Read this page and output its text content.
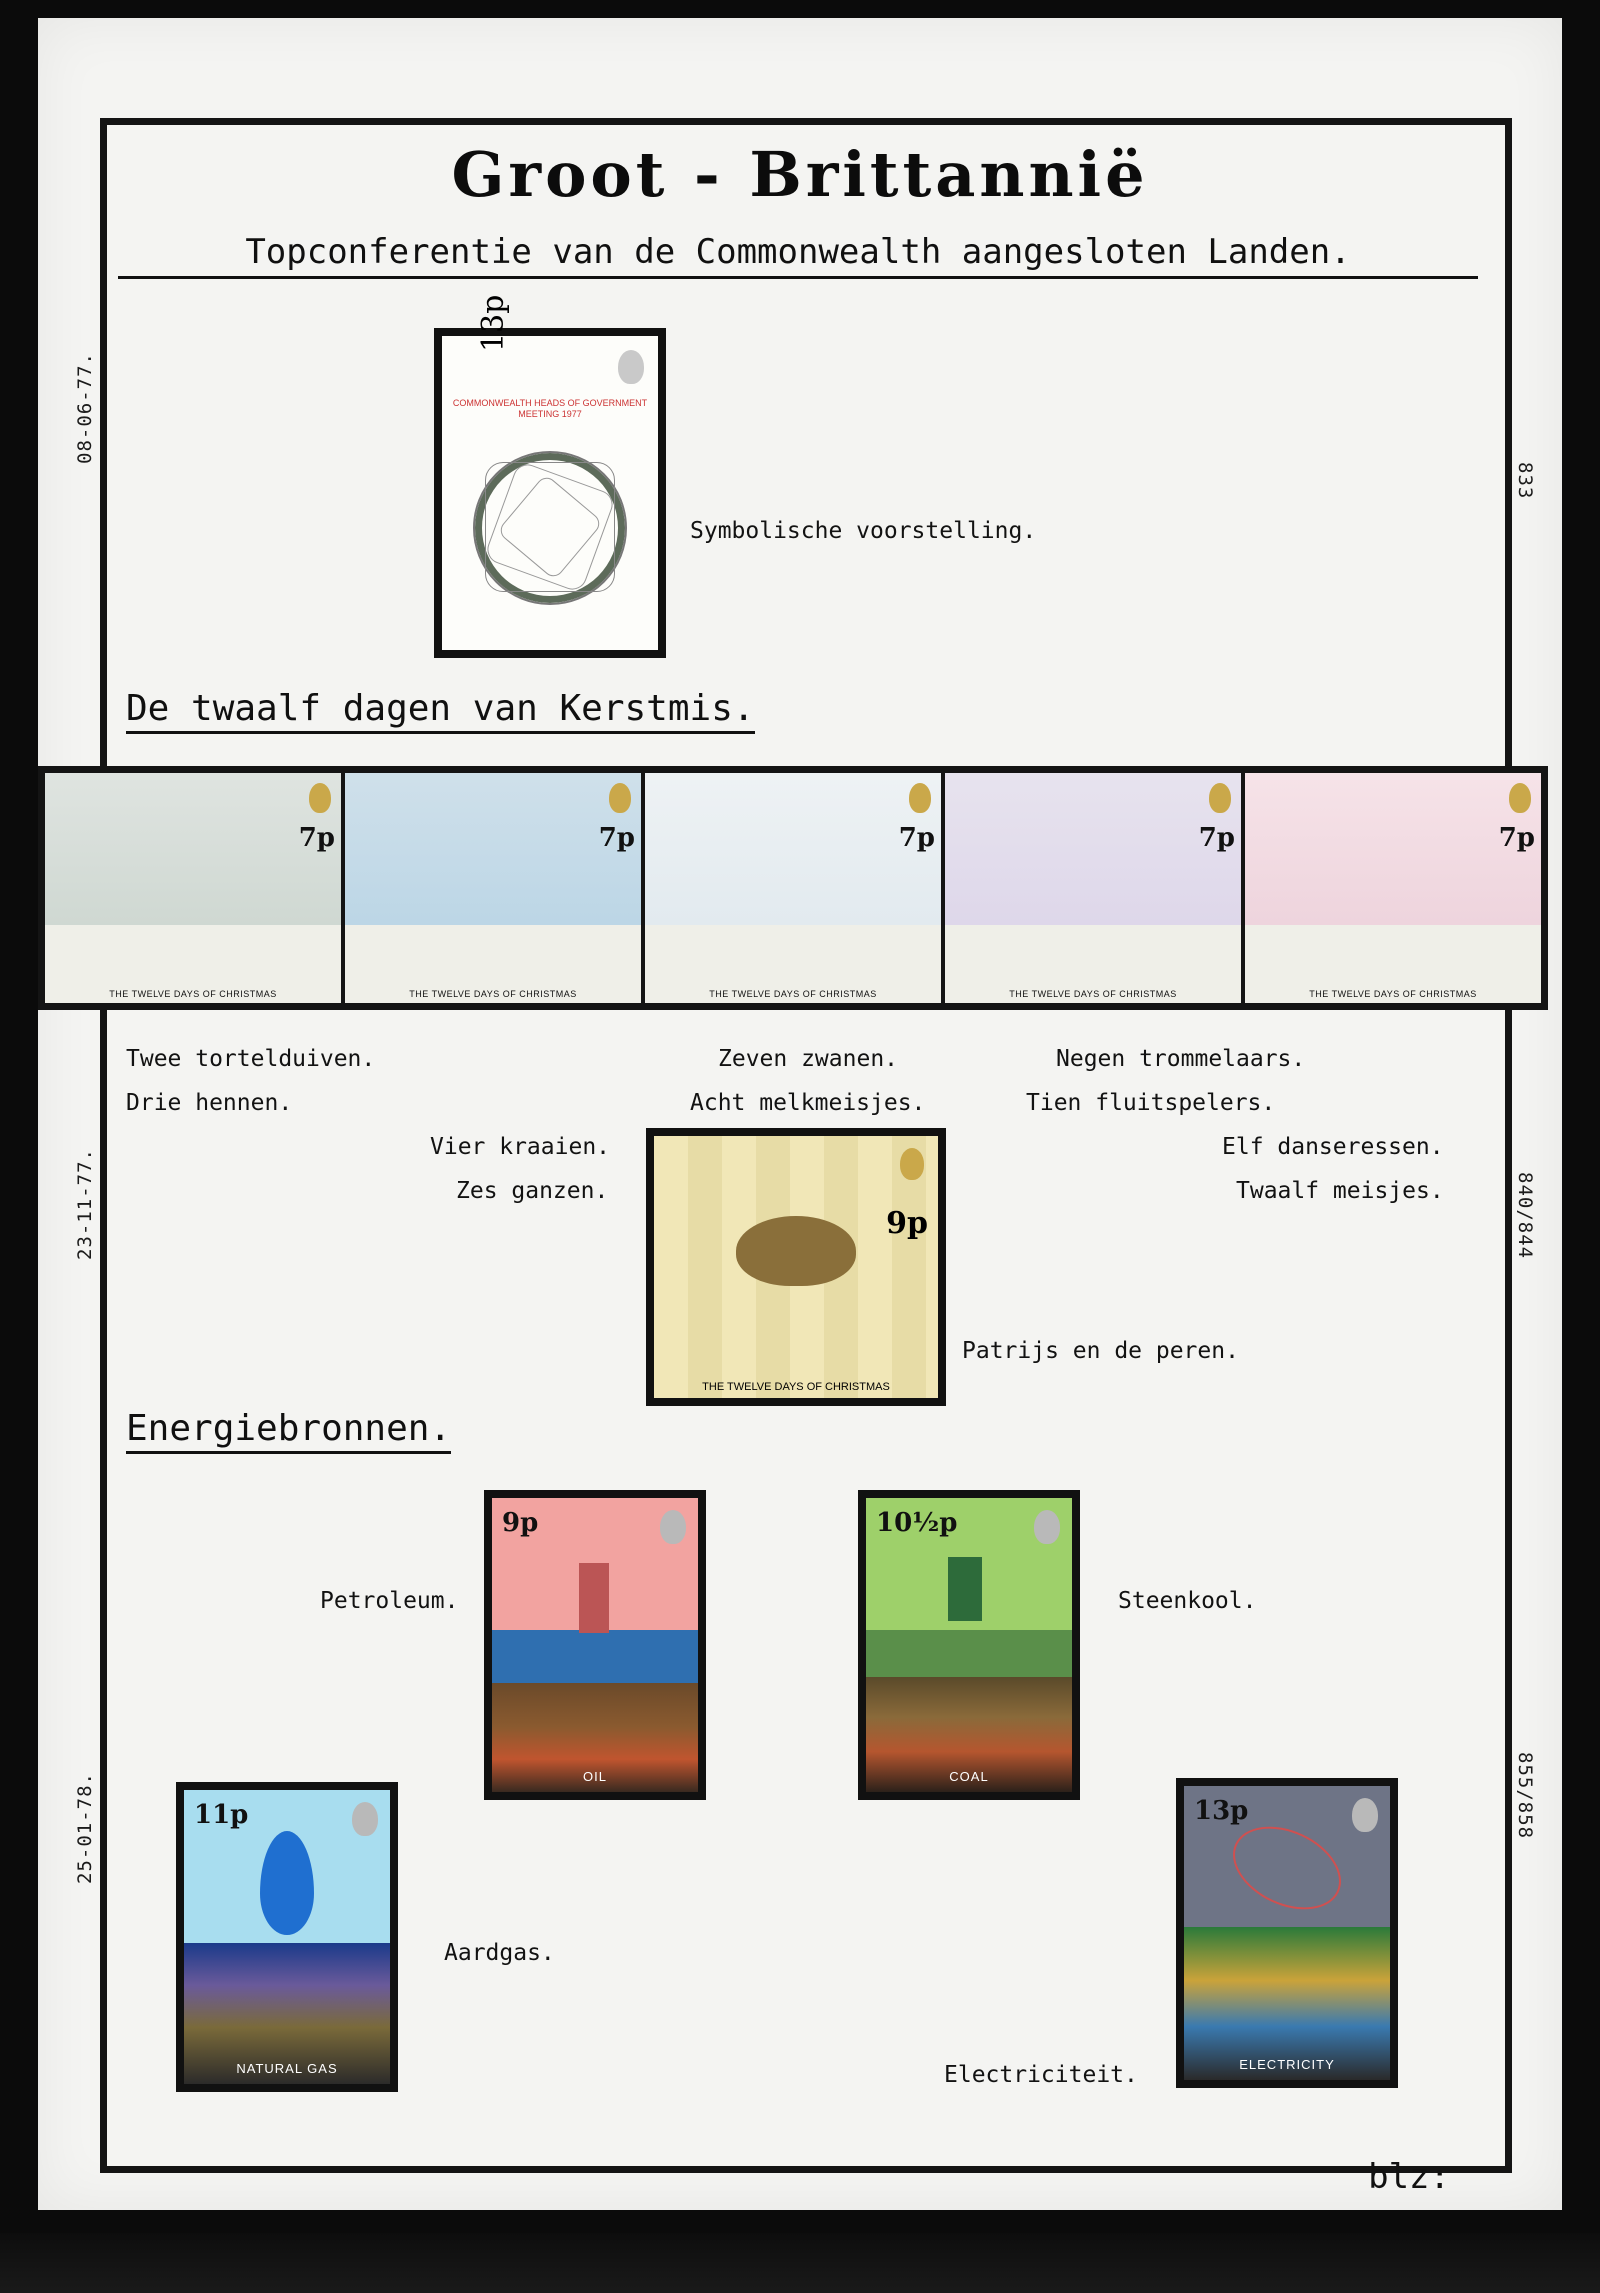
08-06-77.
23-11-77.
25-01-78.
833
840/844
855/858
Groot - Brittannië
Topconferentie van de Commonwealth aangesloten Landen.
13p
COMMONWEALTH HEADS OF GOVERNMENT MEETING 1977
Symbolische voorstelling.
De twaalf dagen van Kerstmis.
7p
THE TWELVE DAYS OF CHRISTMAS
7p
THE TWELVE DAYS OF CHRISTMAS
7p
THE TWELVE DAYS OF CHRISTMAS
7p
THE TWELVE DAYS OF CHRISTMAS
7p
THE TWELVE DAYS OF CHRISTMAS
Twee tortelduiven.
Drie hennen.
Vier kraaien.
Zes ganzen.
Zeven zwanen.
Acht melkmeisjes.
Negen trommelaars.
Tien fluitspelers.
Elf danseressen.
Twaalf meisjes.
9p
THE TWELVE DAYS OF CHRISTMAS
Patrijs en de peren.
Energiebronnen.
9p
OIL
Petroleum.
10½p
COAL
Steenkool.
11p
NATURAL GAS
Aardgas.
13p
ELECTRICITY
Electriciteit.
blz:
